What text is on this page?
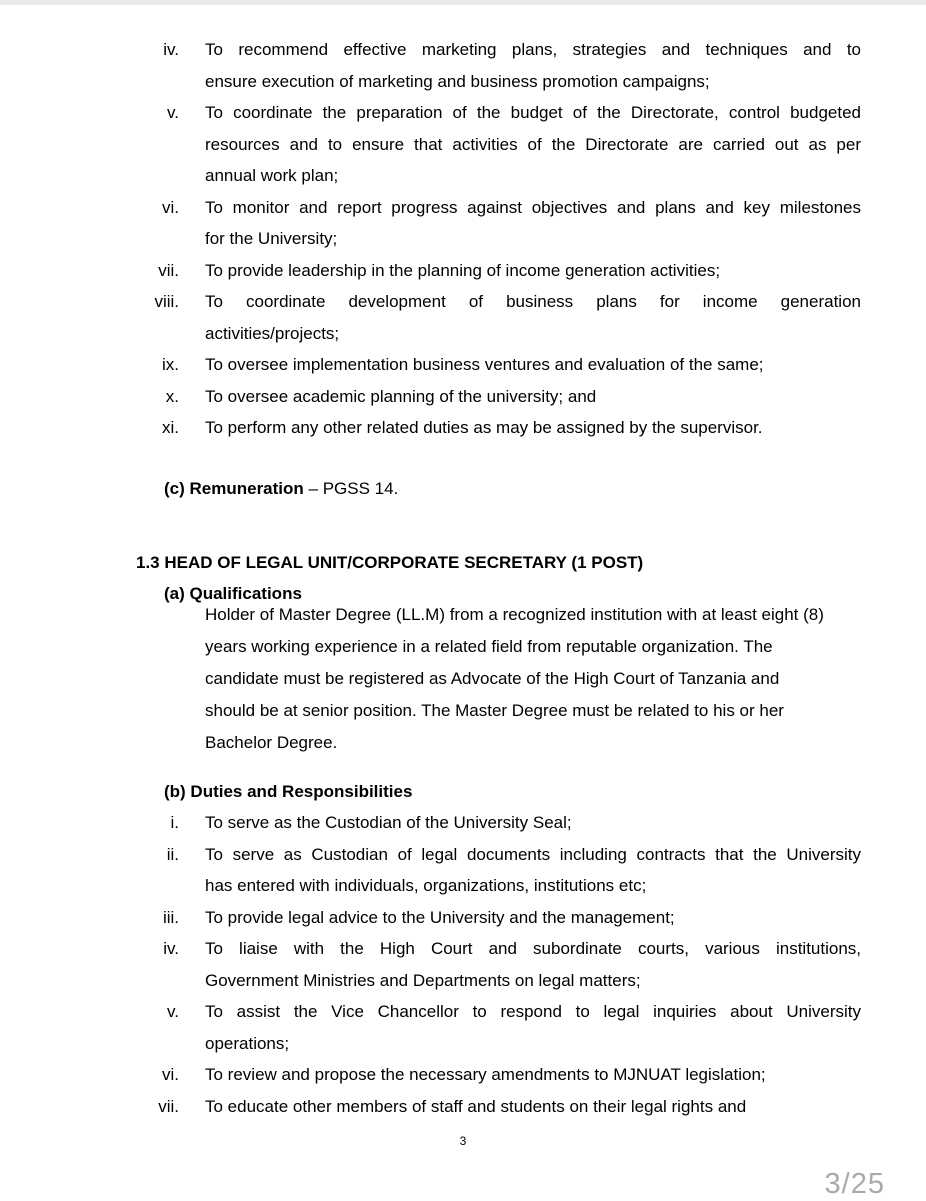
iv. To recommend effective marketing plans, strategies and techniques and to
ensure execution of marketing and business promotion campaigns;
v. To coordinate the preparation of the budget of the Directorate, control budgeted
resources and to ensure that activities of the Directorate are carried out as per
annual work plan;
vi. To monitor and report progress against objectives and plans and key milestones
for the University;
vii. To provide leadership in the planning of income generation activities;
viii. To coordinate development of business plans for income generation
activities/projects;
ix. To oversee implementation business ventures and evaluation of the same;
x. To oversee academic planning of the university; and
xi. To perform any other related duties as may be assigned by the supervisor.
(c) Remuneration – PGSS 14.
1.3 HEAD OF LEGAL UNIT/CORPORATE SECRETARY (1 POST)
(a) Qualifications
Holder of Master Degree (LL.M) from a recognized institution with at least eight (8)
years working experience in a related field from reputable organization. The
candidate must be registered as Advocate of the High Court of Tanzania and
should be at senior position. The Master Degree must be related to his or her
Bachelor Degree.
(b) Duties and Responsibilities
i. To serve as the Custodian of the University Seal;
ii. To serve as Custodian of legal documents including contracts that the University
has entered with individuals, organizations, institutions etc;
iii. To provide legal advice to the University and the management;
iv. To liaise with the High Court and subordinate courts, various institutions,
Government Ministries and Departments on legal matters;
v. To assist the Vice Chancellor to respond to legal inquiries about University
operations;
vi. To review and propose the necessary amendments to MJNUAT legislation;
vii. To educate other members of staff and students on their legal rights and
3
3/25
